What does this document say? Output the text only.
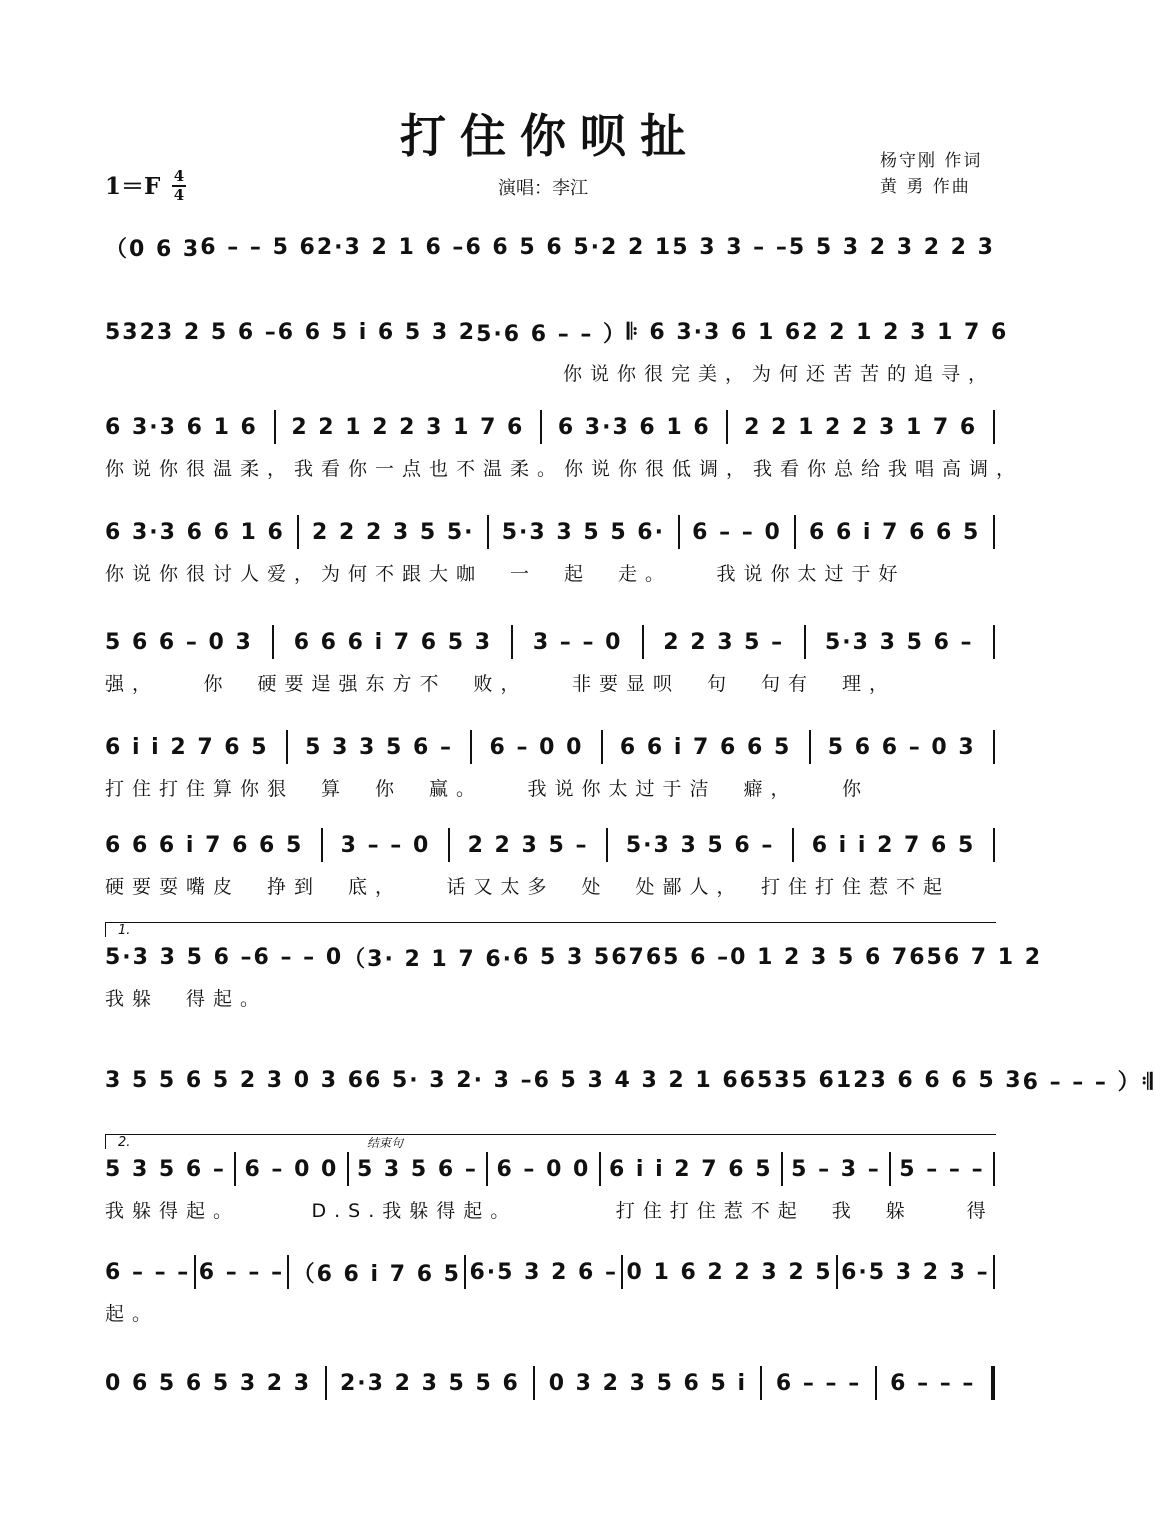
打住你呗扯
1＝F 4
4	演唱：李江
杨守刚 作词
黄 勇 作曲
（0 6 3 6 – – 5 6 2·3 2 1 6 – 6 6 5 6 5·2 2 1 5 3 3 – – 5 5 3 2 3 2 2 3
5323 2 5 6 – 6 6 5 i 6 5 3 2 5·6 6 – – ） 𝄆 6 3·3 6 1 6 2 2 1 2 3 1 7 6
你说你很完美，为何还苦苦的追寻，
6 3·3 6 1 6 2 2 1 2 2 3 1 7 6 6 3·3 6 1 6 2 2 1 2 2 3 1 7 6
你说你很温柔，我看你一点也不温柔。你说你很低调，我看你总给我唱高调，
6 3·3 6 6 1 6 2 2 2 3 5 5· 5·3 3 5 5 6· 6 – – 0 6 6 i 7 6 6 5
你说你很讨人爱，为何不跟大咖　一　起　走。　　我说你太过于好
5 6 6 – 0 3 6 6 6 i 7 6 5 3 3 – – 0 2 2 3 5 – 5·3 3 5 6 –
强，　　你　硬要逞强东方不　败，　　非要显呗　句　句有　理，
6 i i 2 7 6 5 5 3 3 5 6 – 6 – 0 0 6 6 i 7 6 6 5 5 6 6 – 0 3
打住打住算你狠　算　你　赢。　　我说你太过于洁　癖，　　你
6 6 6 i 7 6 6 5 3 – – 0 2 2 3 5 – 5·3 3 5 6 – 6 i i 2 7 6 5
硬要耍嘴皮　挣到　底，　　话又太多　处　处鄙人，　打住打住惹不起
1.
5·3 3 5 6 – 6 – – 0 （3· 2 1 7 6· 6 5 3 56765 6 – 0 1 2 3 5 6 7656 7 1 2
我躲　得起。
3 5 5 6 5 2 3 0 3 6 6 5· 3 2· 3 – 6 5 3 4 3 2 1 6 6535 6123 6 6 6 5 3 6 – – – ）𝄇
2.	结束句
5 3 5 6 – 6 – 0 0 5 3 5 6 – 6 – 0 0 6 i i 2 7 6 5 5 – 3 – 5 – – –
我躲得起。　　　D.S.我躲得起。　　　　打住打住惹不起　我　躲　　得
6 – – – 6 – – – （6 6 i 7 6 5 6·5 3 2 6 – 0 1 6 2 2 3 2 5 6·5 3 2 3 –
起。
0 6 5 6 5 3 2 3 2·3 2 3 5 5 6 0 3 2 3 5 6 5 i 6 – – – 6 – – –
